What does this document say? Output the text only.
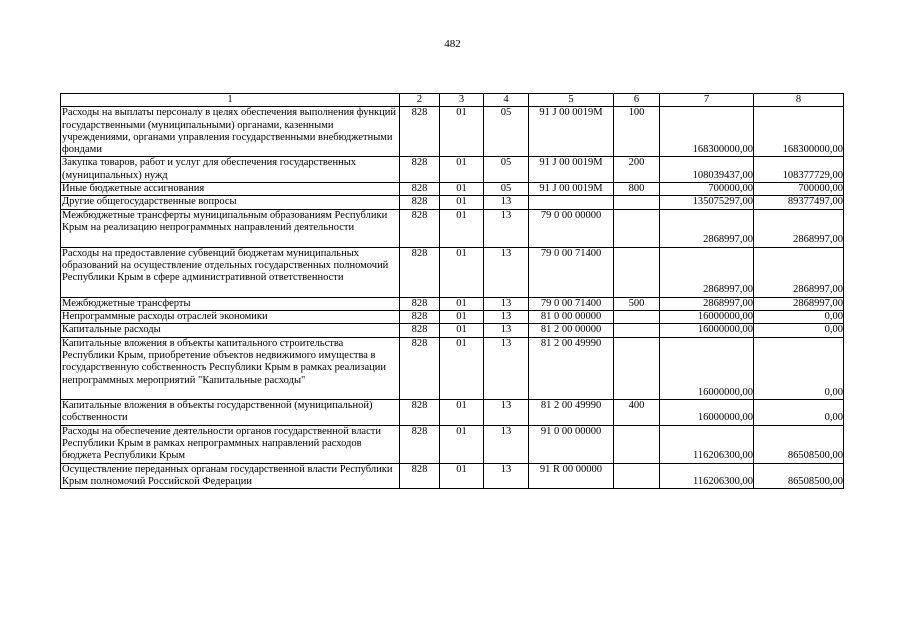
482
1	2	3	4	5	6	7	8
Расходы на выплаты персоналу в целях обеспечения выполнения функций государственными (муниципальными) органами, казенными учреждениями, органами управления государственными внебюджетными фондами	828	01	05	91 J 00 0019M	100	168300000,00	168300000,00
Закупка товаров, работ и услуг для обеспечения государственных (муниципальных) нужд	828	01	05	91 J 00 0019M	200	108039437,00	108377729,00
Иные бюджетные ассигнования	828	01	05	91 J 00 0019M	800	700000,00	700000,00
Другие общегосударственные вопросы	828	01	13			135075297,00	89377497,00
Межбюджетные трансферты муниципальным образованиям Республики Крым на реализацию непрограммных направлений деятельности	828	01	13	79 0 00 00000		2868997,00	2868997,00
Расходы на предоставление субвенций бюджетам муниципальных образований на осуществление отдельных государственных полномочий Республики Крым в сфере административной ответственности	828	01	13	79 0 00 71400		2868997,00	2868997,00
Межбюджетные трансферты	828	01	13	79 0 00 71400	500	2868997,00	2868997,00
Непрограммные расходы отраслей экономики	828	01	13	81 0 00 00000		16000000,00	0,00
Капитальные расходы	828	01	13	81 2 00 00000		16000000,00	0,00
Капитальные вложения в объекты капитального строительства Республики Крым, приобретение объектов недвижимого имущества в государственную собственность Республики Крым в рамках реализации непрограммных мероприятий "Капитальные расходы"	828	01	13	81 2 00 49990		16000000,00	0,00
Капитальные вложения в объекты государственной (муниципальной) собственности	828	01	13	81 2 00 49990	400	16000000,00	0,00
Расходы на обеспечение деятельности органов государственной власти Республики Крым в рамках непрограммных направлений расходов бюджета Республики Крым	828	01	13	91 0 00 00000		116206300,00	86508500,00
Осуществление переданных органам государственной власти Республики Крым полномочий Российской Федерации	828	01	13	91 R 00 00000		116206300,00	86508500,00
